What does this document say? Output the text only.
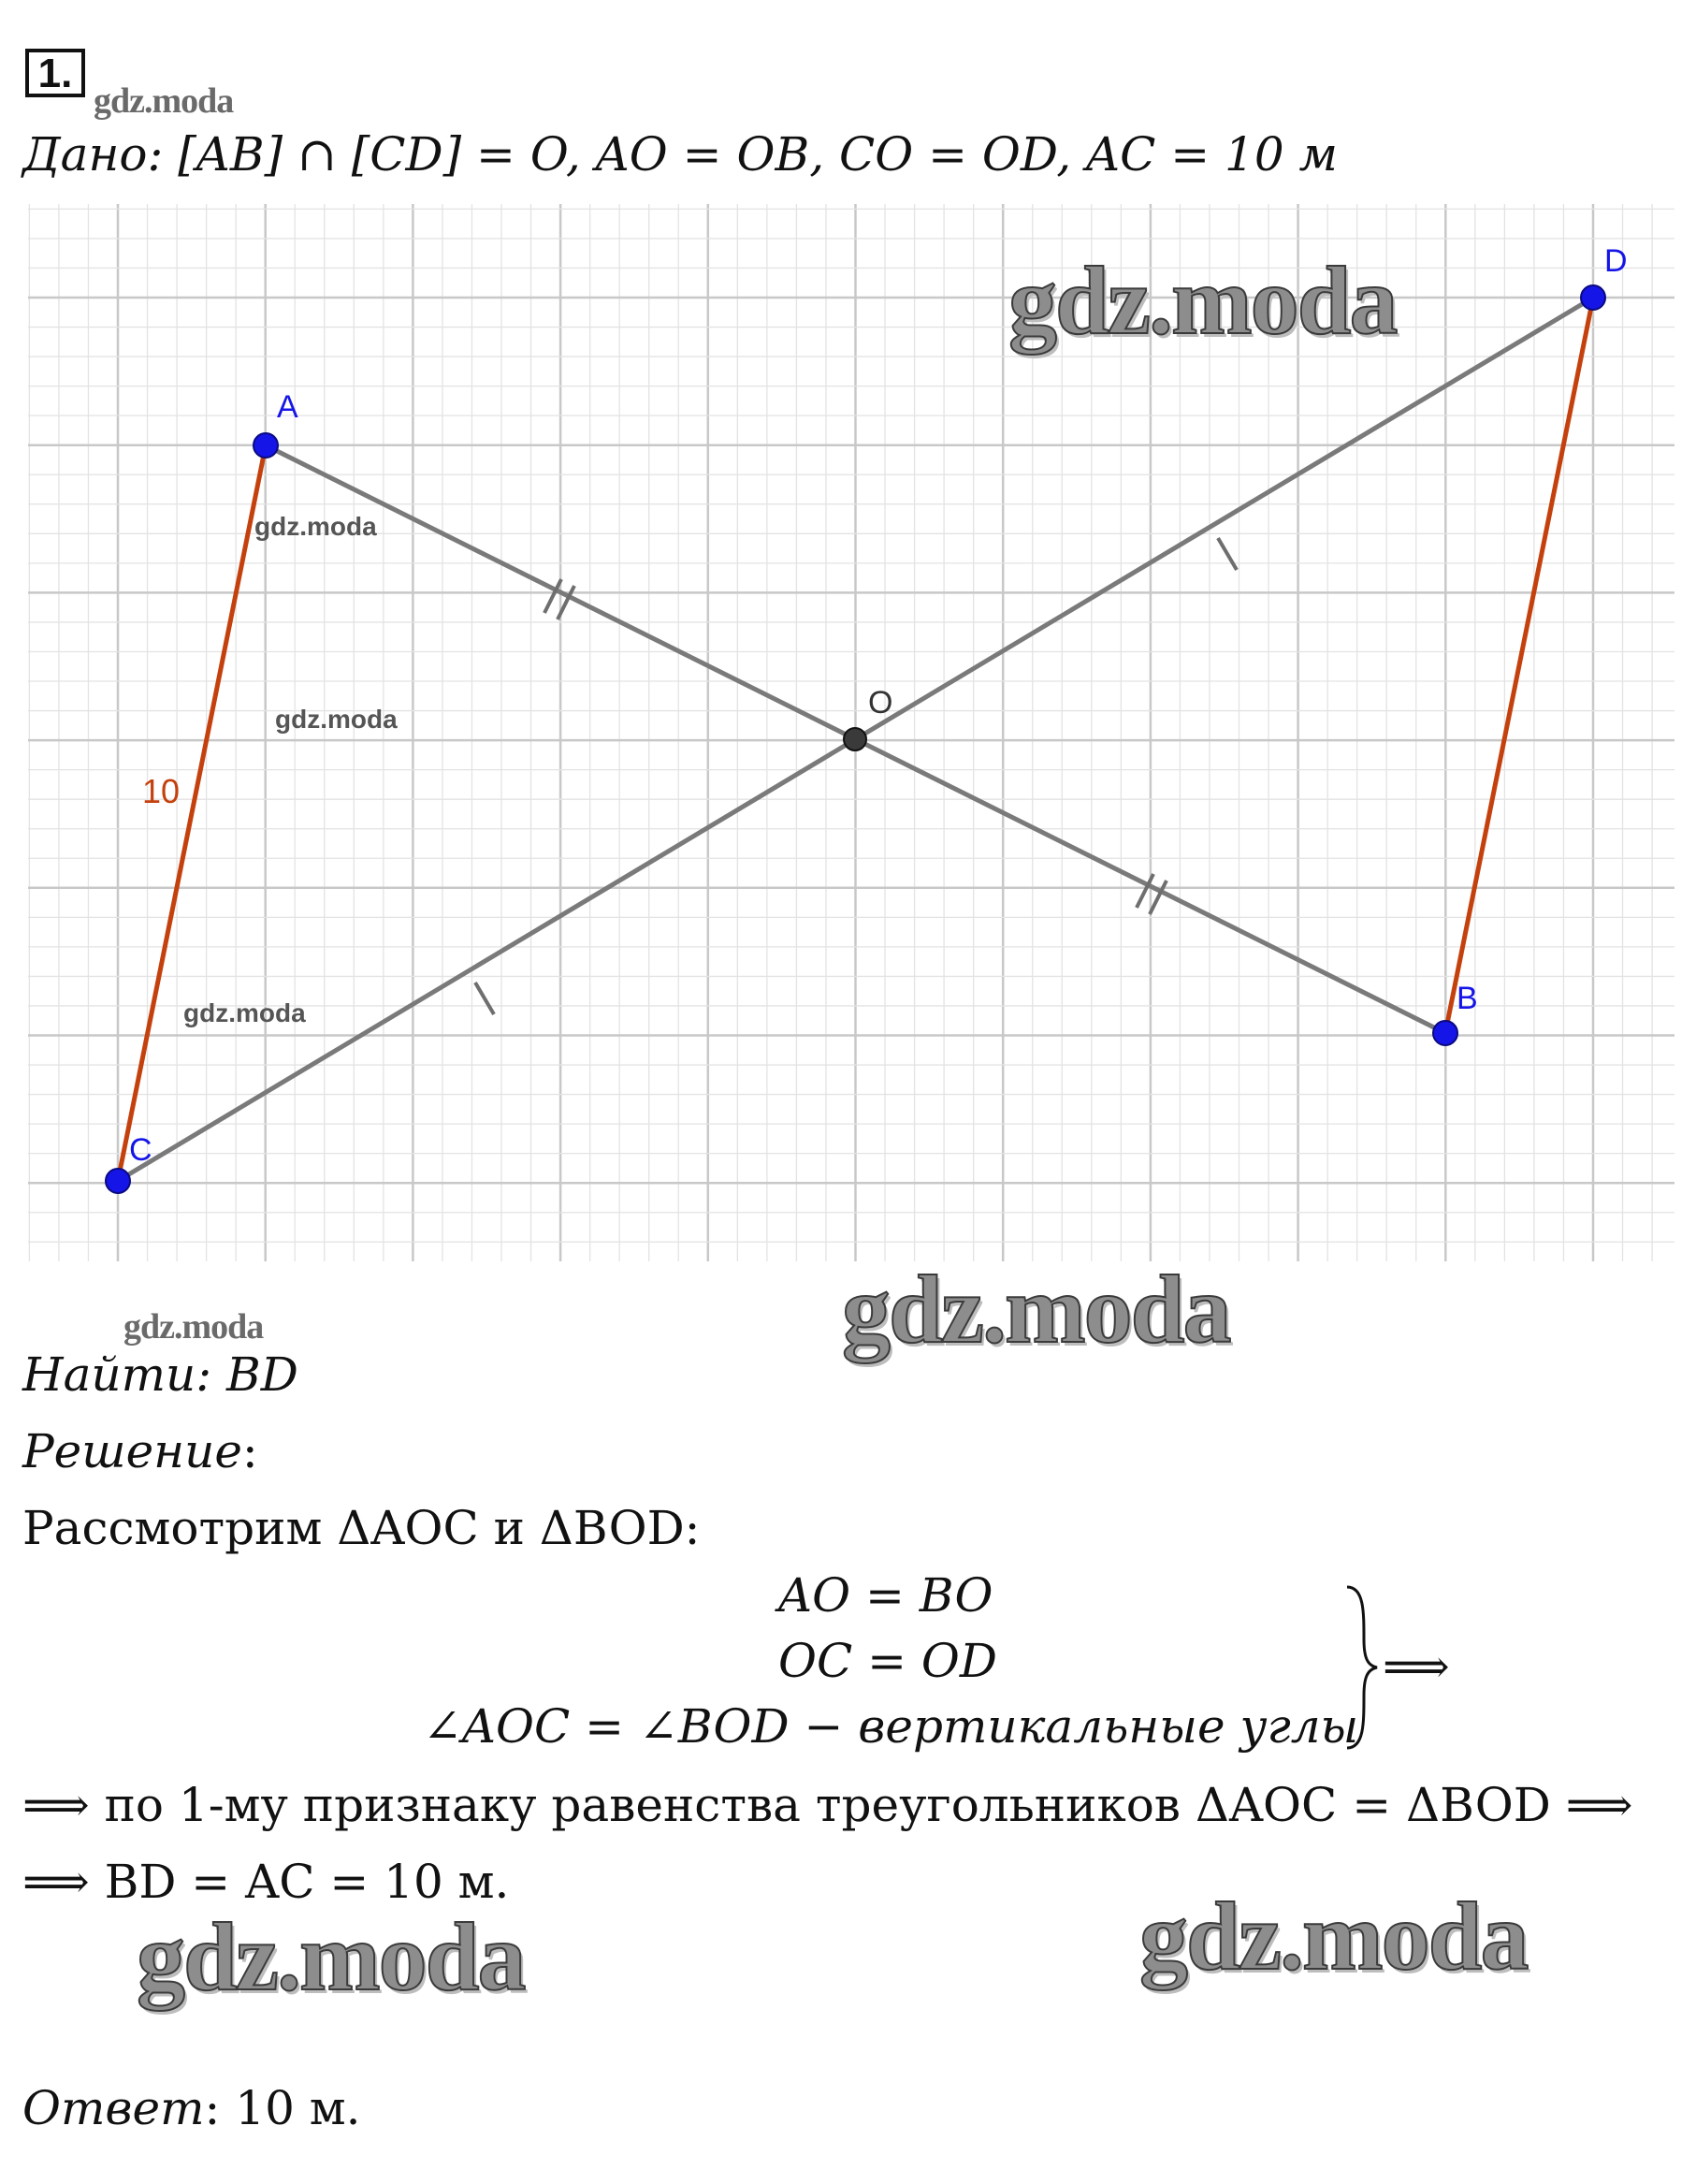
1.
gdz.moda
Дано: [AB] ∩ [CD] = O, AO = OB, CO = OD, AC = 10 м
A
B
C
D
O
10
gdz.moda
gdz.moda
gdz.moda
gdz.moda
gdz.moda
gdz.moda	gdz.moda
gdz.moda
Найти: BD
Решение:
Рассмотрим ΔAOC и ΔBOD:
AO = BO
OC = OD
∠AOC = ∠BOD − вертикальные углы
⟹
⟹ по 1-му признаку равенства треугольников ΔAOC = ΔBOD ⟹
⟹ BD = AC = 10 м.
Ответ: 10 м.
